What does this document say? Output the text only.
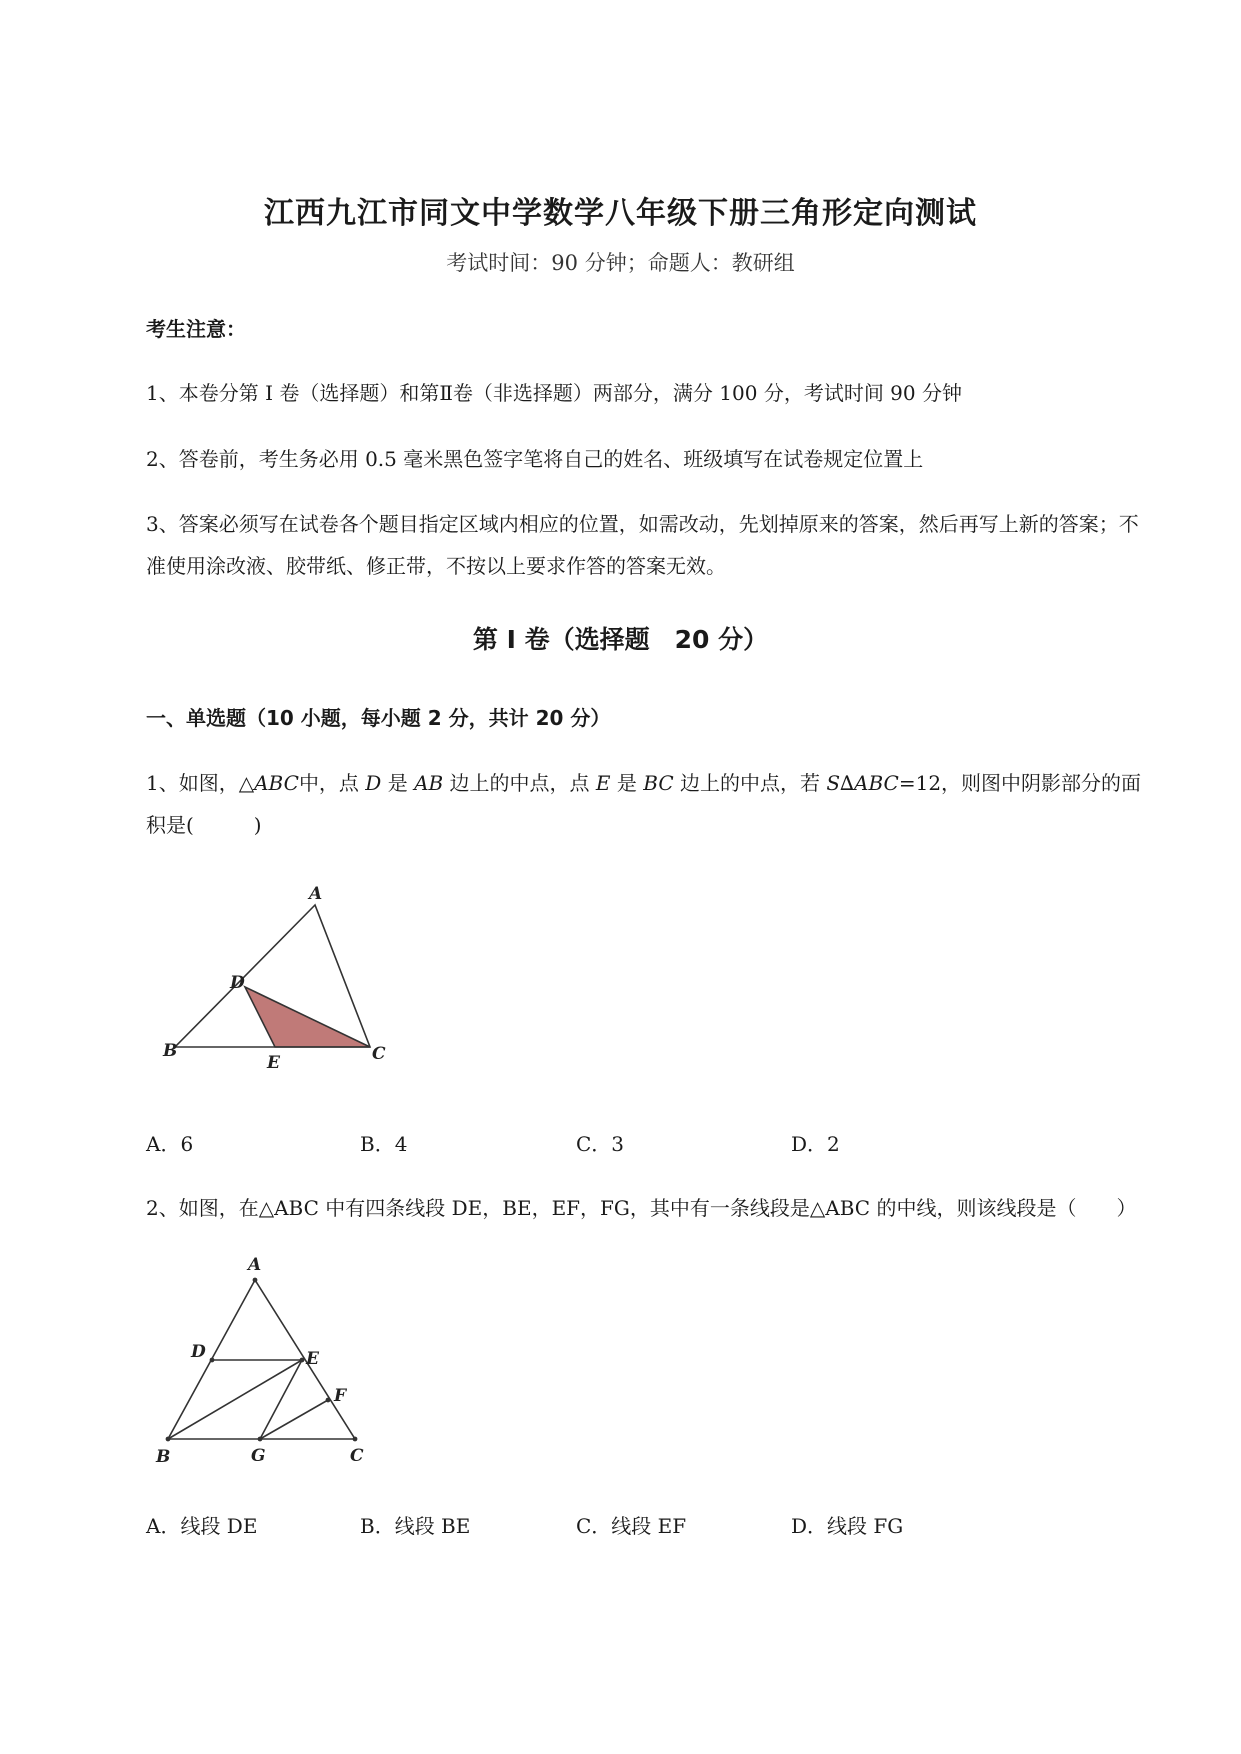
江西九江市同文中学数学八年级下册三角形定向测试
考试时间：90 分钟；命题人：教研组
考生注意：
1、本卷分第 I 卷（选择题）和第Ⅱ卷（非选择题）两部分，满分 100 分，考试时间 90 分钟
2、答卷前，考生务必用 0.5 毫米黑色签字笔将自己的姓名、班级填写在试卷规定位置上
3、答案必须写在试卷各个题目指定区域内相应的位置，如需改动，先划掉原来的答案，然后再写上新的答案；不准使用涂改液、胶带纸、修正带，不按以上要求作答的答案无效。
第 I 卷（选择题　20 分）
一、单选题（10 小题，每小题 2 分，共计 20 分）
1、如图，△ABC中，点 D 是 AB 边上的中点，点 E 是 BC 边上的中点，若 S∆ABC=12，则图中阴影部分的面积是(　　　)
A
D
B
E	C
A．6	B．4	C．3	D．2
2、如图，在△ABC 中有四条线段 DE，BE，EF，FG，其中有一条线段是△ABC 的中线，则该线段是（　　）
A
D	E
F
B	G	C
A．线段 DE	B．线段 BE	C．线段 EF	D．线段 FG
